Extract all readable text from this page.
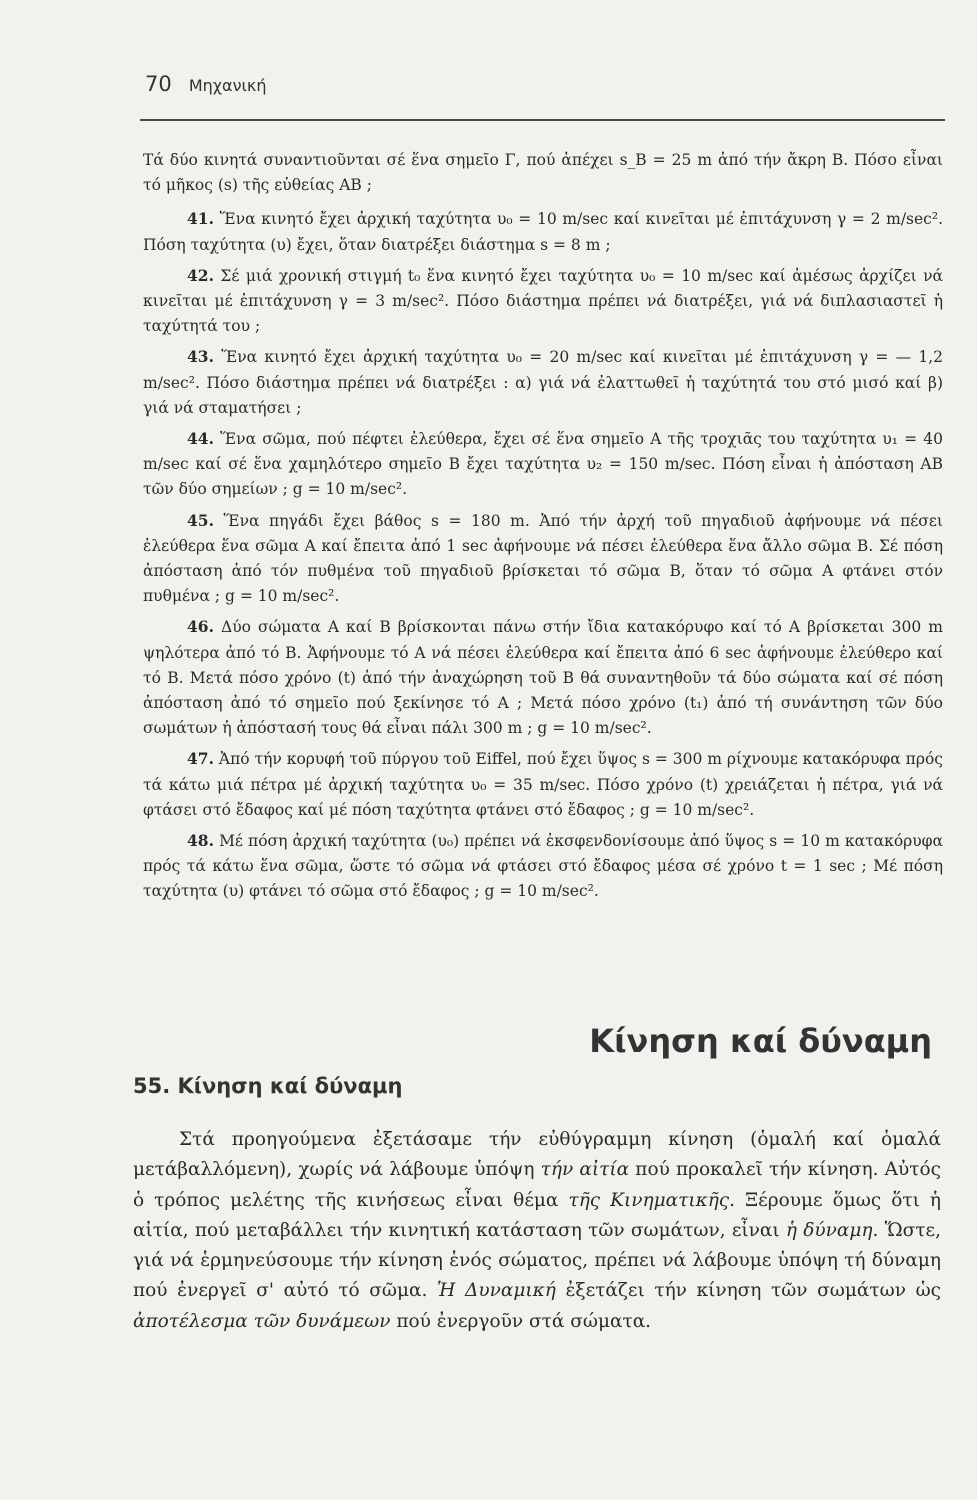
70 Μηχανική

Τά δύο κινητά συναντιοῦνται σέ ἕνα σημεῖο Γ, πού ἀπέχει s_B = 25 m ἀπό τήν ἄκρη Β. Πόσο εἶναι τό μῆκος (s) τῆς εὐθείας ΑΒ ;

41. Ἕνα κινητό ἔχει ἀρχική ταχύτητα υ₀ = 10 m/sec καί κινεῖται μέ ἐπιτάχυνση γ = 2 m/sec². Πόση ταχύτητα (υ) ἔχει, ὅταν διατρέξει διάστημα s = 8 m ;

42. Σέ μιά χρονική στιγμή t₀ ἕνα κινητό ἔχει ταχύτητα υ₀ = 10 m/sec καί ἀμέσως ἀρχίζει νά κινεῖται μέ ἐπιτάχυνση γ = 3 m/sec². Πόσο διάστημα πρέπει νά διατρέξει, γιά νά διπλασιαστεῖ ἡ ταχύτητά του ;

43. Ἕνα κινητό ἔχει ἀρχική ταχύτητα υ₀ = 20 m/sec καί κινεῖται μέ ἐπιτάχυνση γ = — 1,2 m/sec². Πόσο διάστημα πρέπει νά διατρέξει : α) γιά νά ἐλαττωθεῖ ἡ ταχύτητά του στό μισό καί β) γιά νά σταματήσει ;

44. Ἕνα σῶμα, πού πέφτει ἐλεύθερα, ἔχει σέ ἕνα σημεῖο Α τῆς τροχιᾶς του ταχύτητα υ₁ = 40 m/sec καί σέ ἕνα χαμηλότερο σημεῖο Β ἔχει ταχύτητα υ₂ = 150 m/sec. Πόση εἶναι ἡ ἀπόσταση ΑΒ τῶν δύο σημείων ; g = 10 m/sec².

45. Ἕνα πηγάδι ἔχει βάθος s = 180 m. Ἀπό τήν ἀρχή τοῦ πηγαδιοῦ ἀφήνουμε νά πέσει ἐλεύθερα ἕνα σῶμα Α καί ἔπειτα ἀπό 1 sec ἀφήνουμε νά πέσει ἐλεύθερα ἕνα ἄλλο σῶμα Β. Σέ πόση ἀπόσταση ἀπό τόν πυθμένα τοῦ πηγαδιοῦ βρίσκεται τό σῶμα Β, ὅταν τό σῶμα Α φτάνει στόν πυθμένα ; g = 10 m/sec².

46. Δύο σώματα Α καί Β βρίσκονται πάνω στήν ἴδια κατακόρυφο καί τό Α βρίσκεται 300 m ψηλότερα ἀπό τό Β. Ἀφήνουμε τό Α νά πέσει ἐλεύθερα καί ἔπειτα ἀπό 6 sec ἀφήνουμε ἐλεύθερο καί τό Β. Μετά πόσο χρόνο (t) ἀπό τήν ἀναχώρηση τοῦ Β θά συναντηθοῦν τά δύο σώματα καί σέ πόση ἀπόσταση ἀπό τό σημεῖο πού ξεκίνησε τό Α ; Μετά πόσο χρόνο (t₁) ἀπό τή συνάντηση τῶν δύο σωμάτων ἡ ἀπόστασή τους θά εἶναι πάλι 300 m ; g = 10 m/sec².

47. Ἀπό τήν κορυφή τοῦ πύργου τοῦ Eiffel, πού ἔχει ὕψος s = 300 m ρίχνουμε κατακόρυφα πρός τά κάτω μιά πέτρα μέ ἀρχική ταχύτητα υ₀ = 35 m/sec. Πόσο χρόνο (t) χρειάζεται ἡ πέτρα, γιά νά φτάσει στό ἔδαφος καί μέ πόση ταχύτητα φτάνει στό ἔδαφος ; g = 10 m/sec².

48. Μέ πόση ἀρχική ταχύτητα (υ₀) πρέπει νά ἐκσφενδονίσουμε ἀπό ὕψος s = 10 m κατακόρυφα πρός τά κάτω ἕνα σῶμα, ὥστε τό σῶμα νά φτάσει στό ἔδαφος μέσα σέ χρόνο t = 1 sec ; Μέ πόση ταχύτητα (υ) φτάνει τό σῶμα στό ἔδαφος ; g = 10 m/sec².

Κίνηση καί δύναμη
55. Κίνηση καί δύναμη

Στά προηγούμενα ἐξετάσαμε τήν εὐθύγραμμη κίνηση (ὁμαλή καί ὁμαλά μετάβαλλόμενη), χωρίς νά λάβουμε ὑπόψη τήν αἰτία πού προκαλεῖ τήν κίνηση. Αὐτός ὁ τρόπος μελέτης τῆς κινήσεως εἶναι θέμα τῆς Κινηματικῆς. Ξέρουμε ὅμως ὅτι ἡ αἰτία, πού μεταβάλλει τήν κινητική κατάσταση τῶν σωμάτων, εἶναι ἡ δύναμη. Ὥστε, γιά νά ἑρμηνεύσουμε τήν κίνηση ἑνός σώματος, πρέπει νά λάβουμε ὑπόψη τή δύναμη πού ἐνεργεῖ σ' αὐτό τό σῶμα. Ἡ Δυναμική ἐξετάζει τήν κίνηση τῶν σωμάτων ὡς ἀποτέλεσμα τῶν δυνάμεων πού ἐνεργοῦν στά σώματα.
